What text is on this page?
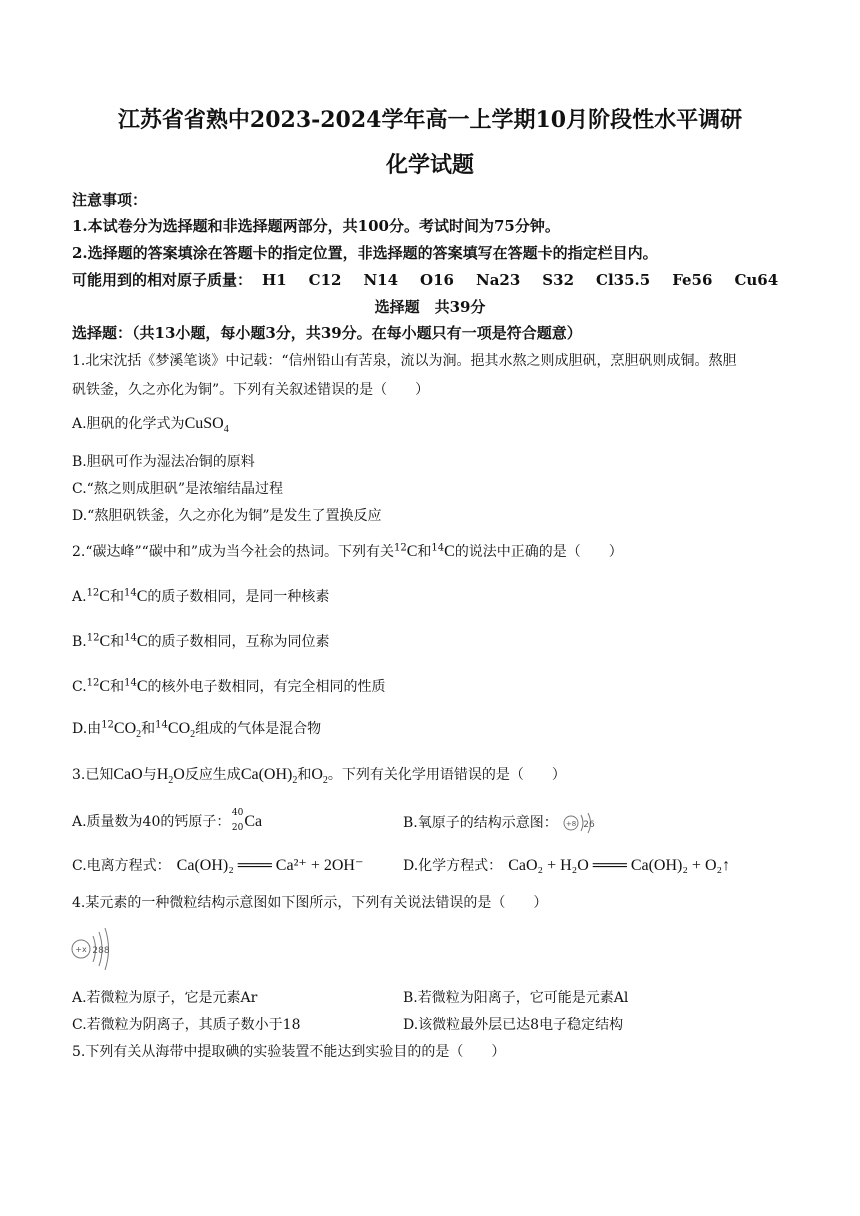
江苏省省熟中2023-2024学年高一上学期10月阶段性水平调研
化学试题
注意事项：
1.本试卷分为选择题和非选择题两部分，共100分。考试时间为75分钟。
2.选择题的答案填涂在答题卡的指定位置，非选择题的答案填写在答题卡的指定栏目内。
可能用到的相对原子质量： H1 C12 N14 O16 Na23 S32 Cl35.5 Fe56 Cu64
选择题　共39分
选择题：（共13小题，每小题3分，共39分。在每小题只有一项是符合题意）
1.北宋沈括《梦溪笔谈》中记载：“信州铅山有苦泉，流以为涧。挹其水熬之则成胆矾，烹胆矾则成铜。熬胆
矾铁釜，久之亦化为铜”。下列有关叙述错误的是（　　）
A.胆矾的化学式为CuSO$_4$
B.胆矾可作为湿法冶铜的原料
C.“熬之则成胆矾”是浓缩结晶过程
D.“熬胆矾铁釜，久之亦化为铜”是发生了置换反应
2.“碳达峰”“碳中和”成为当今社会的热词。下列有关$^{12}$C和$^{14}$C的说法中正确的是（　　）
A.$^{12}$C和$^{14}$C的质子数相同，是同一种核素
B.$^{12}$C和$^{14}$C的质子数相同，互称为同位素
C.$^{12}$C和$^{14}$C的核外电子数相同，有完全相同的性质
D.由$^{12}CO_2$和$^{14}CO_2$组成的气体是混合物
3.已知CaO与$H_2O$反应生成$Ca(OH)_2$和$O_2$。下列有关化学用语错误的是（　　）
A.质量数为40的钙原子：
40
20 Ca	B.氧原子的结构示意图： +8 26
C.电离方程式： Ca(OH)₂ ═══ Ca²⁺ + 2OH⁻	D.化学方程式： CaO₂ + H₂O ═══ Ca(OH)₂ + O₂↑
4.某元素的一种微粒结构示意图如下图所示，下列有关说法错误的是（　　）
+x 288
A.若微粒为原子，它是元素Ar	B.若微粒为阳离子，它可能是元素Al
C.若微粒为阴离子，其质子数小于18	D.该微粒最外层已达8电子稳定结构
5.下列有关从海带中提取碘的实验装置不能达到实验目的的是（　　）
